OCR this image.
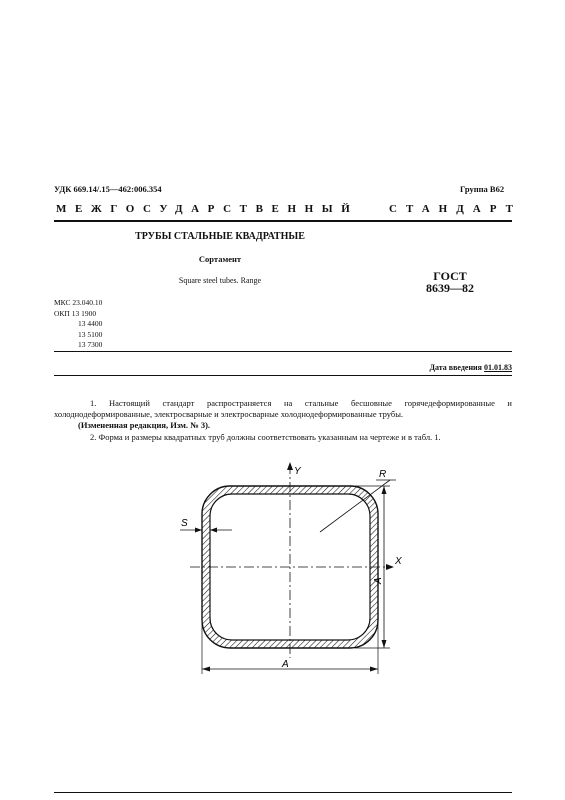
УДК 669.14/.15—462:006.354	Группа В62
МЕЖГОСУДАРСТВЕННЫЙ	СТАНДАРТ
ТРУБЫ СТАЛЬНЫЕ КВАДРАТНЫЕ
Сортамент
Square steel tubes. Range	ГОСТ
8639—82
МКС 23.040.10
ОКП 13 1900
13 4400
13 5100
13 7300
Дата введения 01.01.83
1. Настоящий стандарт распространяется на стальные бесшовные горячедеформированные и холоднодеформированные, электросварные и электросварные холоднодеформированные трубы.
(Измененная редакция, Изм. № 3).
2. Форма и размеры квадратных труб должны соответствовать указанным на чертеже и в табл. 1.
Y
X
R
S
A
A
